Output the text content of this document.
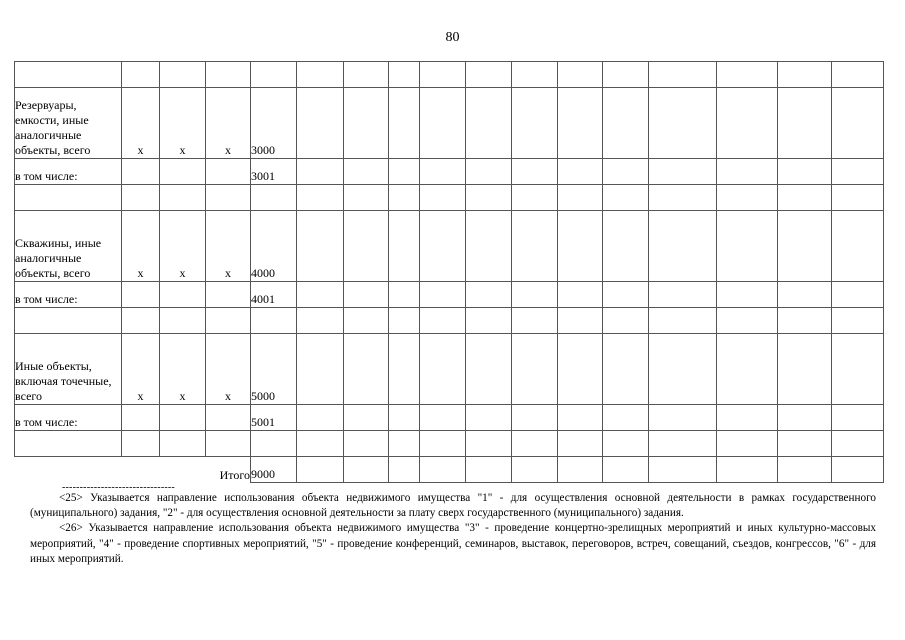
80

Резервуары, емкости, иные аналогичные объекты, всего	x	x	x	3000												
в том числе:				3001												

Скважины, иные аналогичные объекты, всего	x	x	x	4000												
в том числе:				4001												

Иные объекты, включая точечные, всего	x	x	x	5000												
в том числе:				5001												

Итого				9000												
--------------------------------

<25> Указывается направление использования объекта недвижимого имущества "1" - для осуществления основной деятельности в рамках государственного (муниципального) задания, "2" - для осуществления основной деятельности за плату сверх государственного (муниципального) задания.

<26> Указывается направление использования объекта недвижимого имущества "3" - проведение концертно-зрелищных мероприятий и иных культурно-массовых мероприятий, "4" - проведение спортивных мероприятий, "5" - проведение конференций, семинаров, выставок, переговоров, встреч, совещаний, съездов, конгрессов, "6" - для иных мероприятий.
